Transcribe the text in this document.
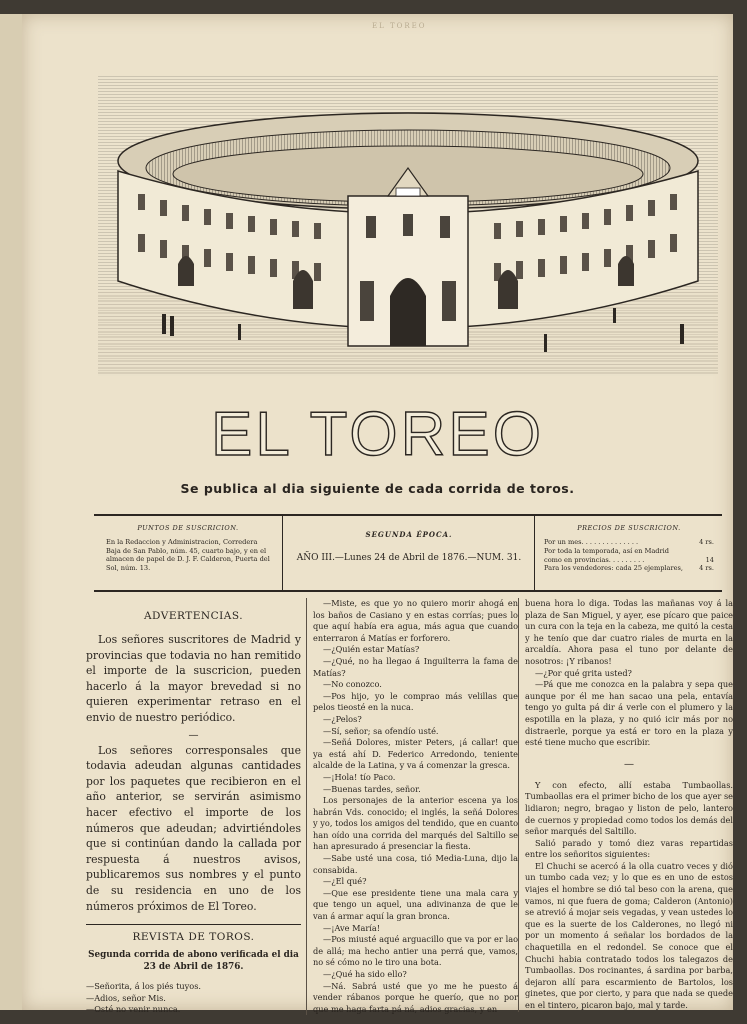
EL TOREO
EL TOREO
Se publica al dia siguiente de cada corrida de toros.
PUNTOS DE SUSCRICION.
En la Redaccion y Administracion, Corredera Baja de San Pablo, núm. 45, cuarto bajo, y en el almacen de papel de D. J. F. Calderon, Puerta del Sol, núm. 13.
SEGUNDA ÉPOCA.
AÑO III.—Lunes 24 de Abril de 1876.—NUM. 31.
PRECIOS DE SUSCRICION.
Por un mes. . . . . . . . . . . . . .	4 rs.
Por toda la temporada, así en Madrid
como en provincias. . . . . . . . .	14
Para los vendedores: cada 25 ejemplares, 4 rs.
ADVERTENCIAS.

Los señores suscritores de Madrid y provincias que todavia no han remitido el importe de la suscricion, pueden hacerlo á la mayor brevedad si no quieren experimentar retraso en el envio de nuestro periódico.

—

Los señores corresponsales que todavia adeudan algunas cantidades por los paquetes que recibieron en el año anterior, se servirán asimismo hacer efectivo el importe de los números que adeudan; advirtiéndoles que si continúan dando la callada por respuesta á nuestros avisos, publicaremos sus nombres y el punto de su residencia en uno de los números próximos de El Toreo.

REVISTA DE TOROS.
Segunda corrida de abono verificada el dia 23 de Abril de 1876.

—Señorita, á los piés tuyos.

—Adios, señor Mis.

—Osté no venir nunca.

—Miste, es que yo no quiero morir ahogá en los baños de Casiano y en estas corrías; pues lo que aquí había era agua, más agua que cuando enterraron á Matías er forforero.

—¿Quién estar Matías?

—¿Qué, no ha llegao á Inguilterra la fama de Matías?

—No conozco.

—Pos hijo, yo le comprao más velillas que pelos tieosté en la nuca.

—¿Pelos?

—Sí, señor; sa ofendío usté.

—Señá Dolores, mister Peters, ¡á callar! que ya está ahí D. Federico Arredondo, teniente alcalde de la Latina, y va á comenzar la gresca.

—¡Hola! tío Paco.

—Buenas tardes, señor.

Los personajes de la anterior escena ya los habrán Vds. conocido; el inglés, la señá Dolores y yo, todos los amigos del tendido, que en cuanto han oído una corrida del marqués del Saltillo se han apresurado á presenciar la fiesta.

—Sabe usté una cosa, tió Media-Luna, dijo la consabida.

—¿El qué?

—Que ese presidente tiene una mala cara y que tengo un aquel, una adivinanza de que le van á armar aquí la gran bronca.

—¡Ave María!

—Pos miusté aqué arguacillo que va por er lao de allá; ma hecho antier una perrá que, vamos, no sé cómo no le tiro una bota.

—¿Qué ha sido ello?

—Ná. Sabrá usté que yo me he puesto á vender rábanos porque he querío, que no por que me haga farta pá ná, adios gracias, y en

buena hora lo diga. Todas las mañanas voy á la plaza de San Miguel, y ayer, ese pícaro que paice un cura con la teja en la cabeza, me quitó la cesta y he tenío que dar cuatro riales de murta en la arcaldía. Ahora pasa el tuno por delante de nosotros: ¡Y ribanos!

—¿Por qué grita usted?

—Pá que me conozca en la palabra y sepa que aunque por él me han sacao una pela, entavía tengo yo gulta pá dir á verle con el plumero y la espotilla en la plaza, y no quió icir más por no distraerle, porque ya está er toro en la plaza y esté tiene mucho que escribir.

—

Y con efecto, allí estaba Tumbaollas. Tumbaollas era el primer bicho de los que ayer se lidiaron; negro, bragao y liston de pelo, lantero de cuernos y propiedad como todos los demás del señor marqués del Saltillo.

Salió parado y tomó diez varas repartidas entre los señoritos siguientes:

El Chuchi se acercó á la olla cuatro veces y dió un tumbo cada vez; y lo que es en uno de estos viajes el hombre se dió tal beso con la arena, que vamos, ni que fuera de goma; Calderon (Antonio) se atrevió á mojar seis vegadas, y vean ustedes lo que es la suerte de los Calderones, no llegó ni por un momento á señalar los bordados de la chaquetilla en el redondel. Se conoce que el Chuchi habia contratado todos los talegazos de Tumbaollas. Dos rocinantes, á sardina por barba, dejaron allí para escarmiento de Bartolos, los ginetes, que por cierto, y para que nada se quede en el tintero, picaron bajo, mal y tarde.
